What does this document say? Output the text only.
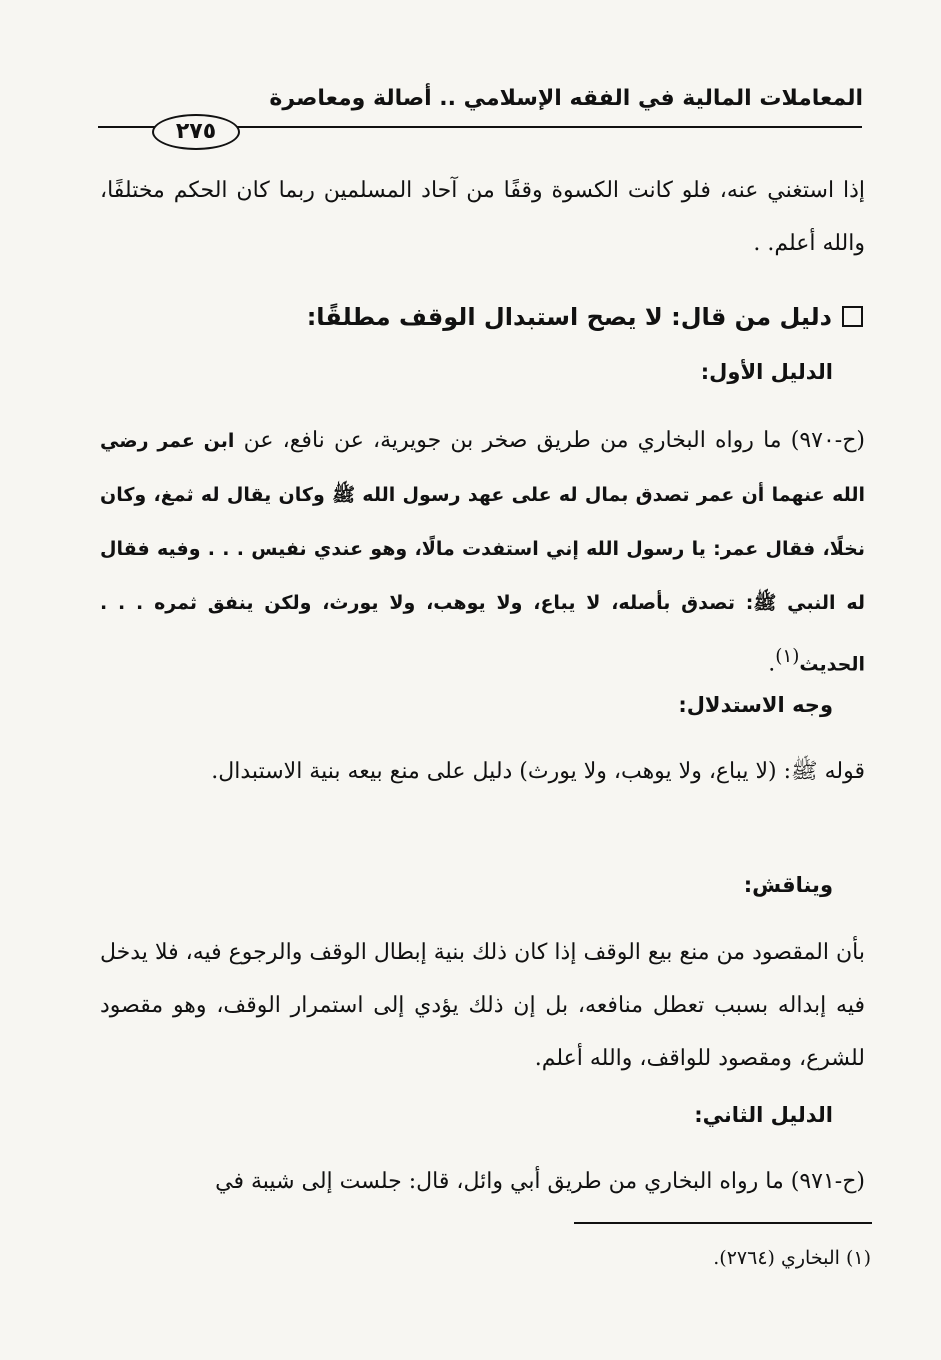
المعاملات المالية في الفقه الإسلامي .. أصالة ومعاصرة
٢٧٥

إذا استغني عنه، فلو كانت الكسوة وقفًا من آحاد المسلمين ربما كان الحكم مختلفًا، والله أعلم. .

دليل من قال: لا يصح استبدال الوقف مطلقًا:
الدليل الأول:

(ح-٩٧٠) ما رواه البخاري من طريق صخر بن جويرية، عن نافع، عن ابن عمر رضي الله عنهما أن عمر تصدق بمال له على عهد رسول الله ﷺ وكان يقال له ثمغ، وكان نخلًا، فقال عمر: يا رسول الله إني استفدت مالًا، وهو عندي نفيس . . . وفيه فقال له النبي ﷺ: تصدق بأصله، لا يباع، ولا يوهب، ولا يورث، ولكن ينفق ثمره . . . الحديث$^{(١)}$.

وجه الاستدلال:

قوله ﷺ: (لا يباع، ولا يوهب، ولا يورث) دليل على منع بيعه بنية الاستبدال.

ويناقش:

بأن المقصود من منع بيع الوقف إذا كان ذلك بنية إبطال الوقف والرجوع فيه، فلا يدخل فيه إبداله بسبب تعطل منافعه، بل إن ذلك يؤدي إلى استمرار الوقف، وهو مقصود للشرع، ومقصود للواقف، والله أعلم.

الدليل الثاني:

(ح-٩٧١) ما رواه البخاري من طريق أبي وائل، قال: جلست إلى شيبة في

(١) البخاري (٢٧٦٤).
